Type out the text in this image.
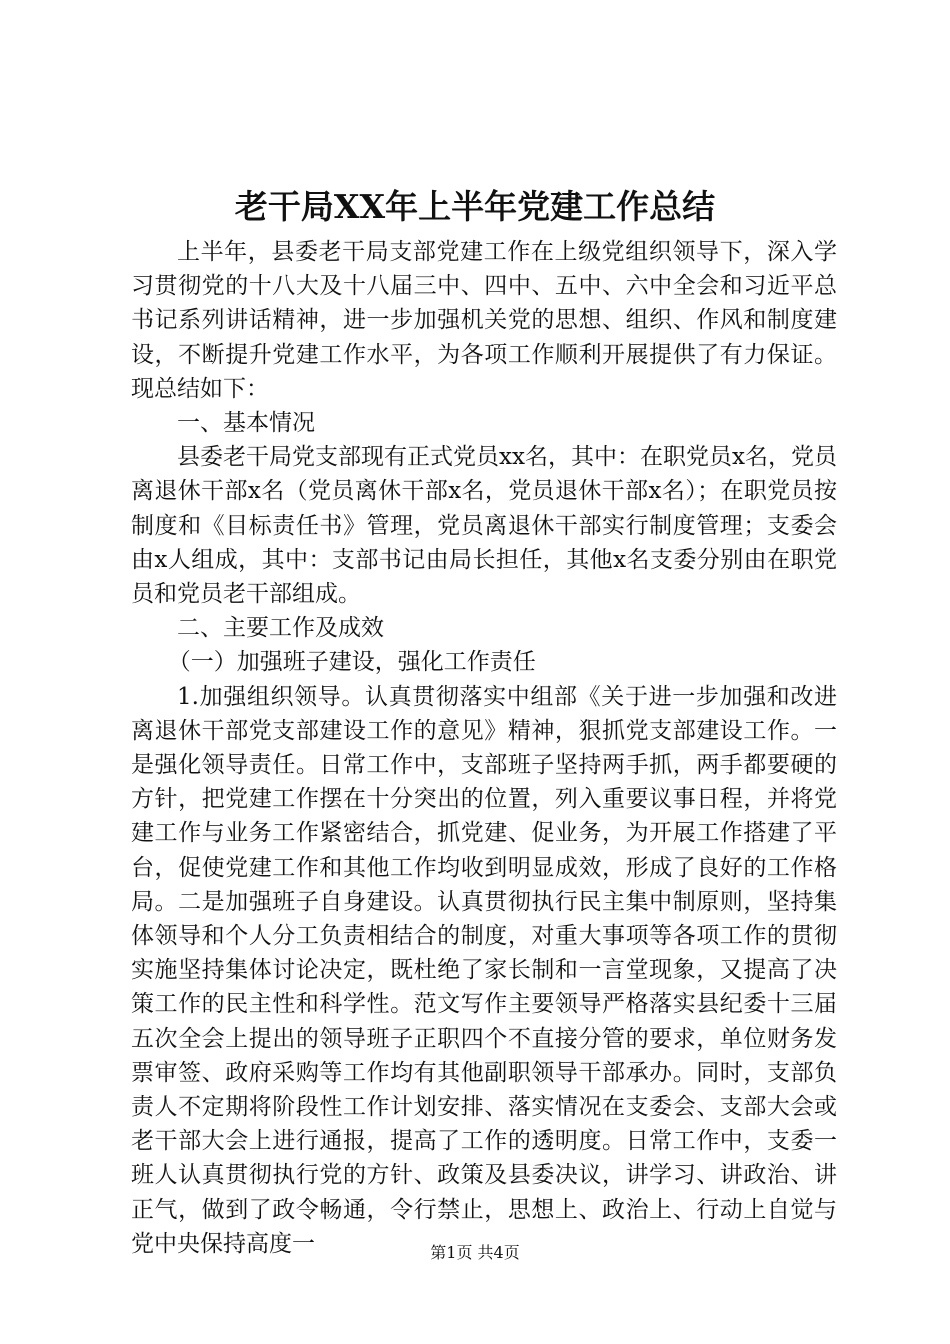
老干局XX年上半年党建工作总结

上半年，县委老干局支部党建工作在上级党组织领导下，深入学习贯彻党的十八大及十八届三中、四中、五中、六中全会和习近平总书记系列讲话精神，进一步加强机关党的思想、组织、作风和制度建设，不断提升党建工作水平，为各项工作顺利开展提供了有力保证。现总结如下：

一、基本情况

县委老干局党支部现有正式党员xx名，其中：在职党员x名，党员离退休干部x名（党员离休干部x名，党员退休干部x名）；在职党员按制度和《目标责任书》管理，党员离退休干部实行制度管理；支委会由x人组成，其中：支部书记由局长担任，其他x名支委分别由在职党员和党员老干部组成。

二、主要工作及成效

（一）加强班子建设，强化工作责任

1.加强组织领导。认真贯彻落实中组部《关于进一步加强和改进离退休干部党支部建设工作的意见》精神，狠抓党支部建设工作。一是强化领导责任。日常工作中，支部班子坚持两手抓，两手都要硬的方针，把党建工作摆在十分突出的位置，列入重要议事日程，并将党建工作与业务工作紧密结合，抓党建、促业务，为开展工作搭建了平台，促使党建工作和其他工作均收到明显成效，形成了良好的工作格局。二是加强班子自身建设。认真贯彻执行民主集中制原则，坚持集体领导和个人分工负责相结合的制度，对重大事项等各项工作的贯彻实施坚持集体讨论决定，既杜绝了家长制和一言堂现象，又提高了决策工作的民主性和科学性。范文写作主要领导严格落实县纪委十三届五次全会上提出的领导班子正职四个不直接分管的要求，单位财务发票审签、政府采购等工作均有其他副职领导干部承办。同时，支部负责人不定期将阶段性工作计划安排、落实情况在支委会、支部大会或老干部大会上进行通报，提高了工作的透明度。日常工作中，支委一班人认真贯彻执行党的方针、政策及县委决议，讲学习、讲政治、讲正气，做到了政令畅通，令行禁止，思想上、政治上、行动上自觉与党中央保持高度一	第1页 共4页
